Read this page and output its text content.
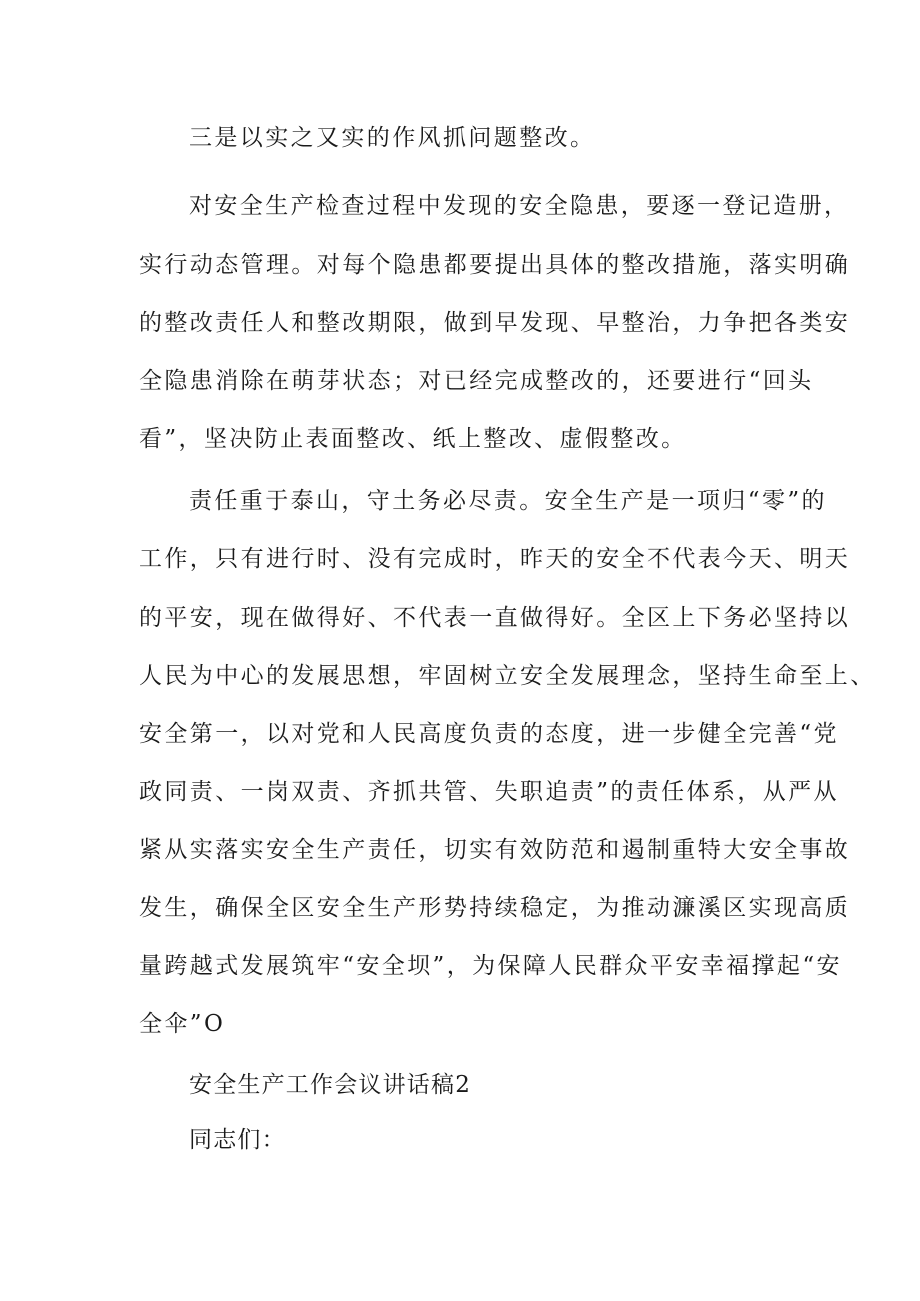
三是以实之又实的作风抓问题整改。
对安全生产检查过程中发现的安全隐患，要逐一登记造册，
实行动态管理。对每个隐患都要提出具体的整改措施，落实明确
的整改责任人和整改期限，做到早发现、早整治，力争把各类安
全隐患消除在萌芽状态；对已经完成整改的，还要进行“回头
看”，坚决防止表面整改、纸上整改、虚假整改。
责任重于泰山，守土务必尽责。安全生产是一项归“零”的
工作，只有进行时、没有完成时，昨天的安全不代表今天、明天
的平安，现在做得好、不代表一直做得好。全区上下务必坚持以
人民为中心的发展思想，牢固树立安全发展理念，坚持生命至上、
安全第一，以对党和人民高度负责的态度，进一步健全完善“党
政同责、一岗双责、齐抓共管、失职追责”的责任体系，从严从
紧从实落实安全生产责任，切实有效防范和遏制重特大安全事故
发生，确保全区安全生产形势持续稳定，为推动濂溪区实现高质
量跨越式发展筑牢“安全坝”，为保障人民群众平安幸福撑起“安
全伞”O
安全生产工作会议讲话稿2
同志们：
